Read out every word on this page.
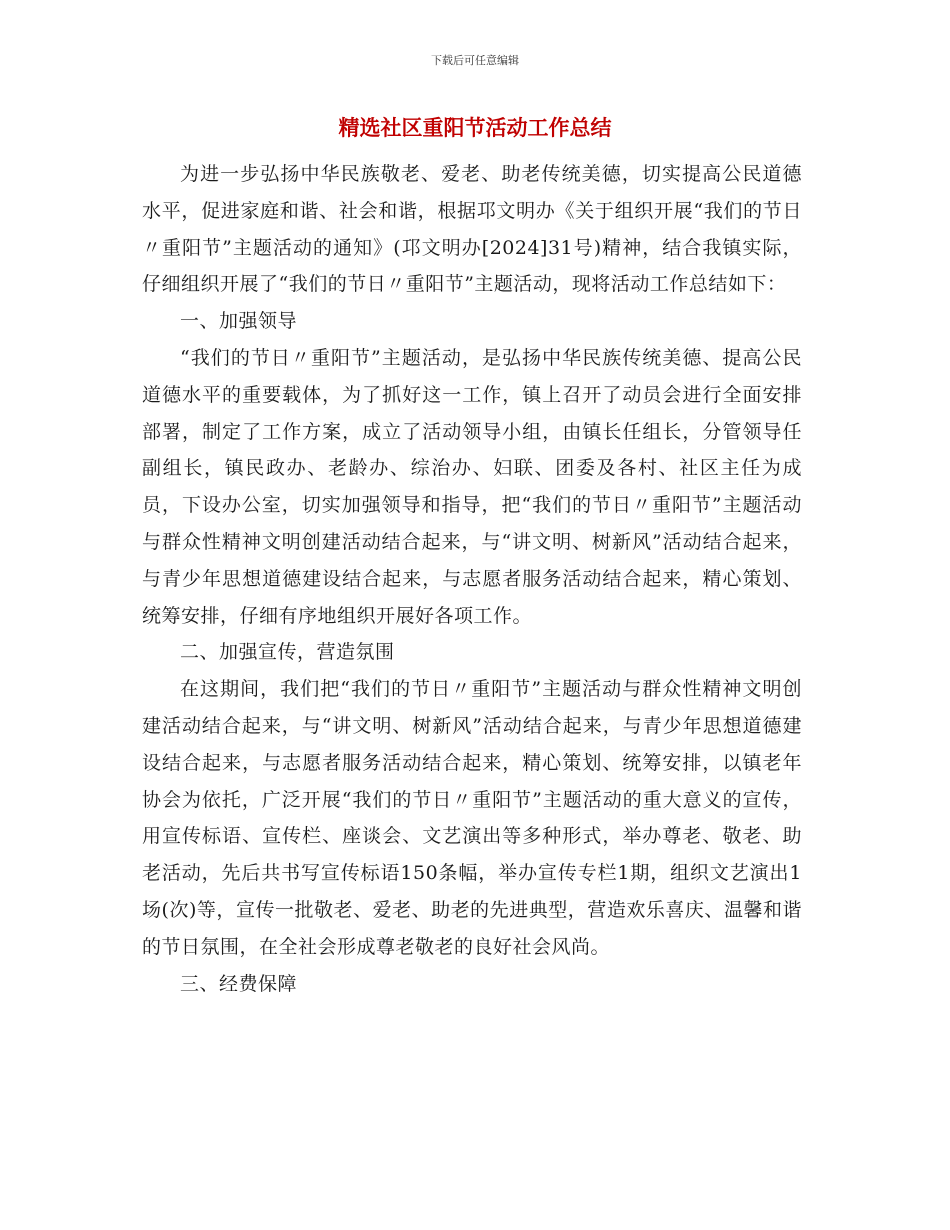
下载后可任意编辑
精选社区重阳节活动工作总结

为进一步弘扬中华民族敬老、爱老、助老传统美德，切实提高公民道德水平，促进家庭和谐、社会和谐，根据邛文明办《关于组织开展“我们的节日〃重阳节”主题活动的通知》(邛文明办[2024]31号)精神，结合我镇实际，仔细组织开展了“我们的节日〃重阳节”主题活动，现将活动工作总结如下：

一、加强领导

“我们的节日〃重阳节”主题活动，是弘扬中华民族传统美德、提高公民道德水平的重要载体，为了抓好这一工作，镇上召开了动员会进行全面安排部署，制定了工作方案，成立了活动领导小组，由镇长任组长，分管领导任副组长，镇民政办、老龄办、综治办、妇联、团委及各村、社区主任为成员，下设办公室，切实加强领导和指导，把“我们的节日〃重阳节”主题活动与群众性精神文明创建活动结合起来，与“讲文明、树新风”活动结合起来，与青少年思想道德建设结合起来，与志愿者服务活动结合起来，精心策划、统筹安排，仔细有序地组织开展好各项工作。

二、加强宣传，营造氛围

在这期间，我们把“我们的节日〃重阳节”主题活动与群众性精神文明创建活动结合起来，与“讲文明、树新风”活动结合起来，与青少年思想道德建设结合起来，与志愿者服务活动结合起来，精心策划、统筹安排，以镇老年协会为依托，广泛开展“我们的节日〃重阳节”主题活动的重大意义的宣传，用宣传标语、宣传栏、座谈会、文艺演出等多种形式，举办尊老、敬老、助老活动，先后共书写宣传标语150条幅，举办宣传专栏1期，组织文艺演出1场(次)等，宣传一批敬老、爱老、助老的先进典型，营造欢乐喜庆、温馨和谐的节日氛围，在全社会形成尊老敬老的良好社会风尚。

三、经费保障
